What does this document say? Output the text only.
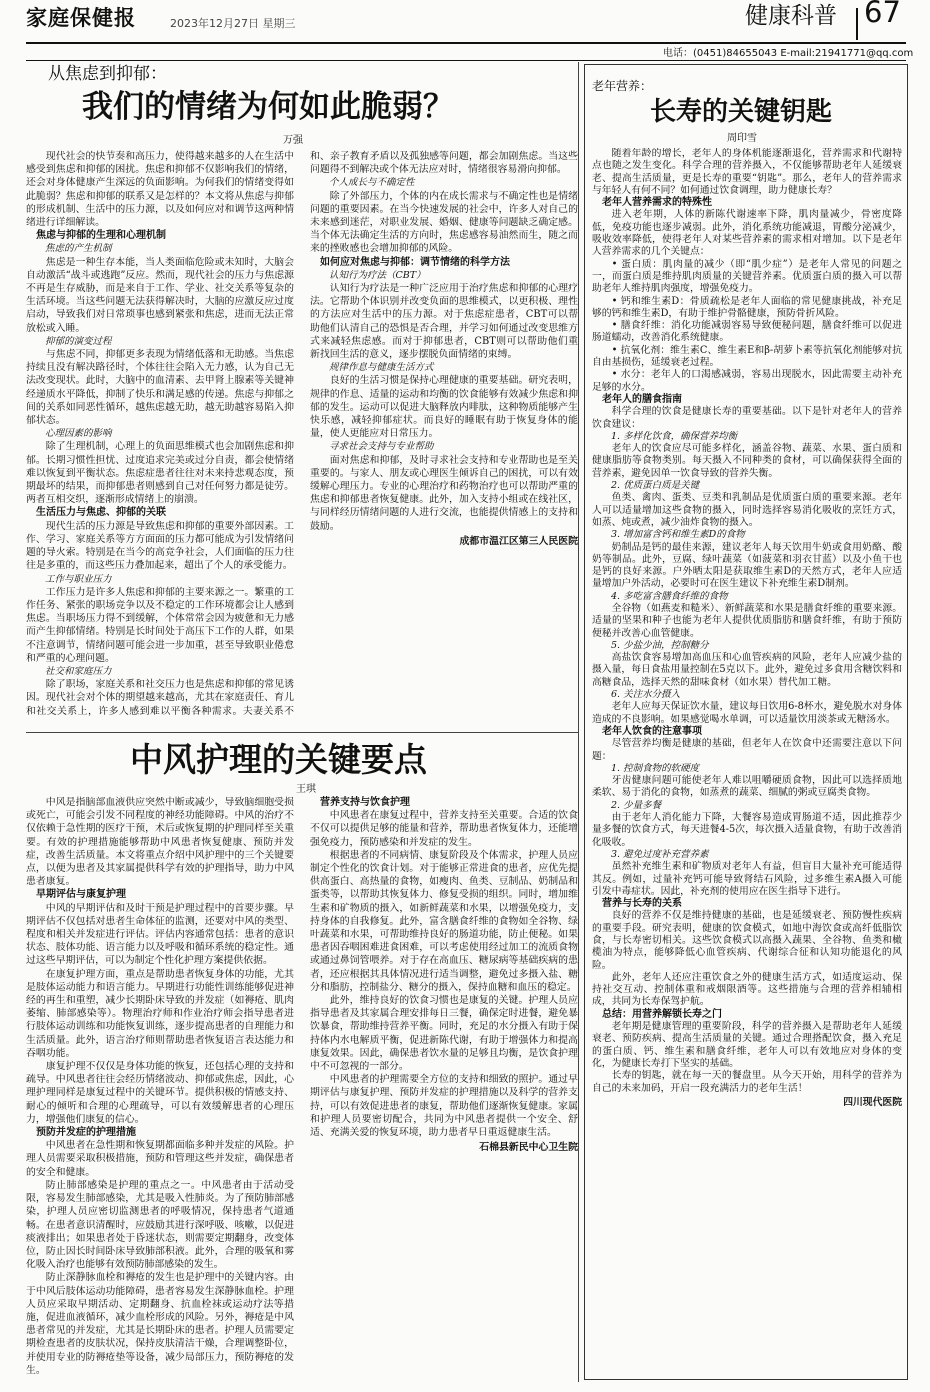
家庭保健报	2023年12月27日 星期三	健康科普 67
电话：(0451)84655043 E-mail:21941771@qq.com
从焦虑到抑郁：
我们的情绪为何如此脆弱？
万强

现代社会的快节奏和高压力，使得越来越多的人在生活中感受到焦虑和抑郁的困扰。焦虑和抑郁不仅影响我们的情绪，还会对身体健康产生深远的负面影响。为何我们的情绪变得如此脆弱？焦虑和抑郁的联系又是怎样的？本文将从焦虑与抑郁的形成机制、生活中的压力源，以及如何应对和调节这两种情绪进行详细解读。

焦虑与抑郁的生理和心理机制
焦虑的产生机制

焦虑是一种生存本能，当人类面临危险或未知时，大脑会自动激活“战斗或逃跑”反应。然而，现代社会的压力与焦虑源不再是生存威胁，而是来自于工作、学业、社交关系等复杂的生活环境。当这些问题无法获得解决时，大脑的应激反应过度启动，导致我们对日常琐事也感到紧张和焦虑，进而无法正常放松或入睡。

抑郁的演变过程

与焦虑不同，抑郁更多表现为情绪低落和无助感。当焦虑持续且没有解决路径时，个体往往会陷入无力感，认为自己无法改变现状。此时，大脑中的血清素、去甲肾上腺素等关键神经递质水平降低，抑制了快乐和满足感的传递。焦虑与抑郁之间的关系如同恶性循环，越焦虑越无助，越无助越容易陷入抑郁状态。

心理因素的影响

除了生理机制，心理上的负面思维模式也会加剧焦虑和抑郁。长期习惯性担忧、过度追求完美或过分自责，都会使情绪难以恢复到平衡状态。焦虑症患者往往对未来持悲观态度，预期最坏的结果，而抑郁患者则感到自己对任何努力都是徒劳。两者互相交织，逐渐形成情绪上的崩溃。

生活压力与焦虑、抑郁的关联

现代生活的压力源是导致焦虑和抑郁的重要外部因素。工作、学习、家庭关系等方方面面的压力都可能成为引发情绪问题的导火索。特别是在当今的高竞争社会，人们面临的压力往往是多重的，而这些压力叠加起来，超出了个人的承受能力。

工作与职业压力

工作压力是许多人焦虑和抑郁的主要来源之一。繁重的工作任务、紧张的职场竞争以及不稳定的工作环境都会让人感到焦虑。当职场压力得不到缓解，个体常常会因为疲惫和无力感而产生抑郁情绪。特别是长时间处于高压下工作的人群，如果不注意调节，情绪问题可能会进一步加重，甚至导致职业倦怠和严重的心理问题。

社交和家庭压力

除了职场，家庭关系和社交压力也是焦虑和抑郁的常见诱因。现代社会对个体的期望越来越高，尤其在家庭责任、育儿和社交关系上，许多人感到难以平衡各种需求。夫妻关系不和、亲子教育矛盾以及孤独感等问题，都会加剧焦虑。当这些问题得不到解决或个体无法应对时，情绪很容易滑向抑郁。

个人成长与不确定性

除了外部压力，个体的内在成长需求与不确定性也是情绪问题的重要因素。在当今快速发展的社会中，许多人对自己的未来感到迷茫，对职业发展、婚姻、健康等问题缺乏确定感。当个体无法确定生活的方向时，焦虑感容易油然而生，随之而来的挫败感也会增加抑郁的风险。

如何应对焦虑与抑郁：调节情绪的科学方法
认知行为疗法（CBT）

认知行为疗法是一种广泛应用于治疗焦虑和抑郁的心理疗法。它帮助个体识别并改变负面的思维模式，以更积极、理性的方法应对生活中的压力源。对于焦虑症患者，CBT可以帮助他们认清自己的恐惧是否合理，并学习如何通过改变思维方式来减轻焦虑感。而对于抑郁患者，CBT则可以帮助他们重新找回生活的意义，逐步摆脱负面情绪的束缚。

规律作息与健康生活方式

良好的生活习惯是保持心理健康的重要基础。研究表明，规律的作息、适量的运动和均衡的饮食能够有效减少焦虑和抑郁的发生。运动可以促进大脑释放内啡肽，这种物质能够产生快乐感，减轻抑郁症状。而良好的睡眠有助于恢复身体的能量，使人更能应对日常压力。

寻求社会支持与专业帮助

面对焦虑和抑郁，及时寻求社会支持和专业帮助也是至关重要的。与家人、朋友或心理医生倾诉自己的困扰，可以有效缓解心理压力。专业的心理治疗和药物治疗也可以帮助严重的焦虑和抑郁患者恢复健康。此外，加入支持小组或在线社区，与同样经历情绪问题的人进行交流，也能提供情感上的支持和鼓励。

成都市温江区第三人民医院
中风护理的关键要点
王琪

中风是指脑部血液供应突然中断或减少，导致脑细胞受损或死亡，可能会引发不同程度的神经功能障碍。中风的治疗不仅依赖于急性期的医疗干预，术后或恢复期的护理同样至关重要。有效的护理措施能够帮助中风患者恢复健康、预防并发症，改善生活质量。本文将重点介绍中风护理中的三个关键要点，以便为患者及其家属提供科学有效的护理指导，助力中风患者康复。

早期评估与康复护理

中风的早期评估和及时干预是护理过程中的首要步骤。早期评估不仅包括对患者生命体征的监测，还要对中风的类型、程度和相关并发症进行评估。评估内容通常包括：患者的意识状态、肢体功能、语言能力以及呼吸和循环系统的稳定性。通过这些早期评估，可以为制定个性化护理方案提供依据。

在康复护理方面，重点是帮助患者恢复身体的功能，尤其是肢体运动能力和语言能力。早期进行功能性训练能够促进神经的再生和重塑，减少长期卧床导致的并发症（如褥疮、肌肉萎缩、肺部感染等）。物理治疗师和作业治疗师会指导患者进行肢体运动训练和功能恢复训练，逐步提高患者的自理能力和生活质量。此外，语言治疗师则帮助患者恢复语言表达能力和吞咽功能。

康复护理不仅仅是身体功能的恢复，还包括心理的支持和疏导。中风患者往往会经历情绪波动、抑郁或焦虑，因此，心理护理同样是康复过程中的关键环节。提供积极的情感支持、耐心的倾听和合理的心理疏导，可以有效缓解患者的心理压力，增强他们康复的信心。

预防并发症的护理措施

中风患者在急性期和恢复期都面临多种并发症的风险。护理人员需要采取积极措施，预防和管理这些并发症，确保患者的安全和健康。

防止肺部感染是护理的重点之一。中风患者由于活动受限，容易发生肺部感染，尤其是吸入性肺炎。为了预防肺部感染，护理人员应密切监测患者的呼吸情况，保持患者气道通畅。在患者意识清醒时，应鼓励其进行深呼吸、咳嗽，以促进痰液排出；如果患者处于昏迷状态，则需要定期翻身，改变体位，防止因长时间卧床导致肺部积液。此外，合理的吸氧和雾化吸入治疗也能够有效预防肺部感染的发生。

防止深静脉血栓和褥疮的发生也是护理中的关键内容。由于中风后肢体运动功能障碍，患者容易发生深静脉血栓。护理人员应采取早期活动、定期翻身、抗血栓袜或运动疗法等措施，促进血液循环，减少血栓形成的风险。另外，褥疮是中风患者常见的并发症，尤其是长期卧床的患者。护理人员需要定期检查患者的皮肤状况，保持皮肤清洁干燥，合理调整卧位，并使用专业的防褥疮垫等设备，减少局部压力，预防褥疮的发生。

营养支持与饮食护理

中风患者在康复过程中，营养支持至关重要。合适的饮食不仅可以提供足够的能量和营养，帮助患者恢复体力，还能增强免疫力，预防感染和并发症的发生。

根据患者的不同病情、康复阶段及个体需求，护理人员应制定个性化的饮食计划。对于能够正常进食的患者，应优先提供高蛋白、高热量的食物，如瘦肉、鱼类、豆制品、奶制品和蛋类等，以帮助其恢复体力、修复受损的组织。同时，增加维生素和矿物质的摄入，如新鲜蔬菜和水果，以增强免疫力，支持身体的自我修复。此外，富含膳食纤维的食物如全谷物、绿叶蔬菜和水果，可帮助维持良好的肠道功能，防止便秘。如果患者因吞咽困难进食困难，可以考虑使用经过加工的流质食物或通过鼻饲管喂养。对于存在高血压、糖尿病等基础疾病的患者，还应根据其具体情况进行适当调整，避免过多摄入盐、糖分和脂肪，控制盐分、糖分的摄入，保持血糖和血压的稳定。

此外，维持良好的饮食习惯也是康复的关键。护理人员应指导患者及其家属合理安排每日三餐，确保定时进餐，避免暴饮暴食，帮助维持营养平衡。同时，充足的水分摄入有助于保持体内水电解质平衡，促进新陈代谢，有助于增强体力和提高康复效果。因此，确保患者饮水量的足够且均衡，是饮食护理中不可忽视的一部分。

中风患者的护理需要全方位的支持和细致的照护。通过早期评估与康复护理、预防并发症的护理措施以及科学的营养支持，可以有效促进患者的康复，帮助他们逐渐恢复健康。家属和护理人员要密切配合，共同为中风患者提供一个安全、舒适、充满关爱的恢复环境，助力患者早日重返健康生活。

石棉县新民中心卫生院
老年营养：
长寿的关键钥匙
周印雪

随着年龄的增长，老年人的身体机能逐渐退化，营养需求和代谢特点也随之发生变化。科学合理的营养摄入，不仅能够帮助老年人延缓衰老、提高生活质量，更是长寿的重要“钥匙”。那么，老年人的营养需求与年轻人有何不同？如何通过饮食调理，助力健康长寿？

老年人营养需求的特殊性

进入老年期，人体的新陈代谢速率下降，肌肉量减少，骨密度降低，免疫功能也逐步减弱。此外，消化系统功能减退，胃酸分泌减少，吸收效率降低，使得老年人对某些营养素的需求相对增加。以下是老年人营养需求的几个关键点：

• 蛋白质：肌肉量的减少（即“肌少症”）是老年人常见的问题之一，而蛋白质是维持肌肉质量的关键营养素。优质蛋白质的摄入可以帮助老年人维持肌肉强度，增强免疫力。

• 钙和维生素D：骨质疏松是老年人面临的常见健康挑战，补充足够的钙和维生素D，有助于维护骨骼健康，预防骨折风险。

• 膳食纤维：消化功能减弱容易导致便秘问题，膳食纤维可以促进肠道蠕动，改善消化系统健康。

• 抗氧化剂：维生素C、维生素E和β-胡萝卜素等抗氧化剂能够对抗自由基损伤，延缓衰老过程。

• 水分：老年人的口渴感减弱，容易出现脱水，因此需要主动补充足够的水分。

老年人的膳食指南

科学合理的饮食是健康长寿的重要基础。以下是针对老年人的营养饮食建议：

1. 多样化饮食，确保营养均衡

老年人的饮食应尽可能多样化，涵盖谷物、蔬菜、水果、蛋白质和健康脂肪等食物类别。每天摄入不同种类的食材，可以确保获得全面的营养素，避免因单一饮食导致的营养失衡。

2. 优质蛋白质是关键

鱼类、禽肉、蛋类、豆类和乳制品是优质蛋白质的重要来源。老年人可以适量增加这些食物的摄入，同时选择容易消化吸收的烹饪方式，如蒸、炖或煮，减少油炸食物的摄入。

3. 增加富含钙和维生素D的食物

奶制品是钙的最佳来源，建议老年人每天饮用牛奶或食用奶酪、酸奶等制品。此外，豆腐、绿叶蔬菜（如菠菜和羽衣甘蓝）以及小鱼干也是钙的良好来源。户外晒太阳是获取维生素D的天然方式，老年人应适量增加户外活动，必要时可在医生建议下补充维生素D制剂。

4. 多吃富含膳食纤维的食物

全谷物（如燕麦和糙米）、新鲜蔬菜和水果是膳食纤维的重要来源。适量的坚果和种子也能为老年人提供优质脂肪和膳食纤维，有助于预防便秘并改善心血管健康。

5. 少盐少油，控制糖分

高盐饮食容易增加高血压和心血管疾病的风险，老年人应减少盐的摄入量，每日食盐用量控制在5克以下。此外，避免过多食用含糖饮料和高糖食品，选择天然的甜味食材（如水果）替代加工糖。

6. 关注水分摄入

老年人应每天保证饮水量，建议每日饮用6-8杯水，避免脱水对身体造成的不良影响。如果感觉喝水单调，可以适量饮用淡茶或无糖汤水。

老年人饮食的注意事项

尽管营养均衡是健康的基础，但老年人在饮食中还需要注意以下问题：

1. 控制食物的软硬度

牙齿健康问题可能使老年人难以咀嚼硬质食物，因此可以选择质地柔软、易于消化的食物，如蒸煮的蔬菜、细腻的粥或豆腐类食物。

2. 少量多餐

由于老年人消化能力下降，大餐容易造成胃肠道不适，因此推荐少量多餐的饮食方式，每天进餐4-5次，每次摄入适量食物，有助于改善消化吸收。

3. 避免过度补充营养素

虽然补充维生素和矿物质对老年人有益，但盲目大量补充可能适得其反。例如，过量补充钙可能导致肾结石风险，过多维生素A摄入可能引发中毒症状。因此，补充剂的使用应在医生指导下进行。

营养与长寿的关系

良好的营养不仅是维持健康的基础，也是延缓衰老、预防慢性疾病的重要手段。研究表明，健康的饮食模式，如地中海饮食或高纤低脂饮食，与长寿密切相关。这些饮食模式以高摄入蔬果、全谷物、鱼类和橄榄油为特点，能够降低心血管疾病、代谢综合征和认知功能退化的风险。

此外，老年人还应注重饮食之外的健康生活方式，如适度运动、保持社交互动、控制体重和戒烟限酒等。这些措施与合理的营养相辅相成，共同为长寿保驾护航。

总结：用营养解锁长寿之门

老年期是健康管理的重要阶段，科学的营养摄入是帮助老年人延缓衰老、预防疾病、提高生活质量的关键。通过合理搭配饮食，摄入充足的蛋白质、钙、维生素和膳食纤维，老年人可以有效地应对身体的变化，为健康长寿打下坚实的基础。

长寿的钥匙，就在每一天的餐盘里。从今天开始，用科学的营养为自己的未来加码，开启一段充满活力的老年生活！

四川现代医院
